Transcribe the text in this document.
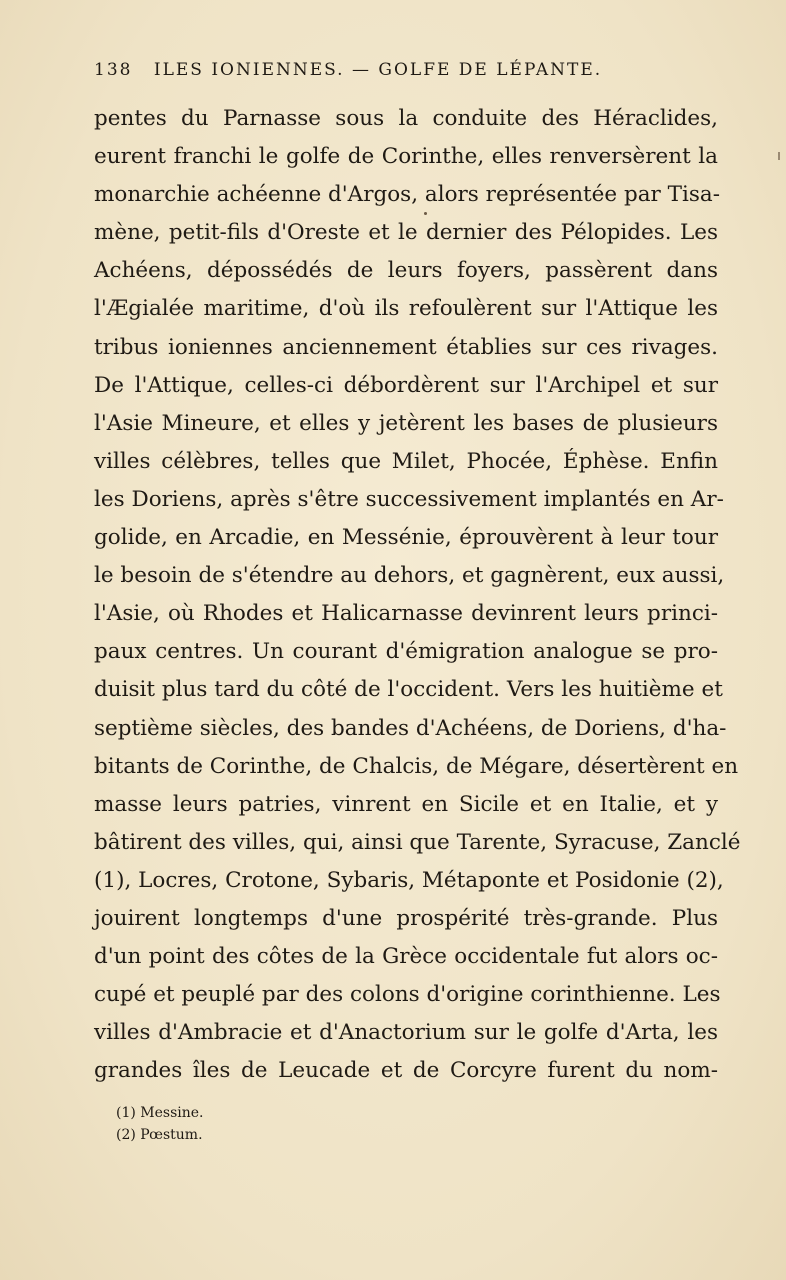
138 ILES IONIENNES. — GOLFE DE LÉPANTE.
pentes du Parnasse sous la conduite des Héraclides,
eurent franchi le golfe de Corinthe, elles renversèrent la
monarchie achéenne d'Argos, alors représentée par Tisa-
mène, petit-fils d'Oreste et le dernier des Pélopides. Les
Achéens, dépossédés de leurs foyers, passèrent dans
l'Ægialée maritime, d'où ils refoulèrent sur l'Attique les
tribus ioniennes anciennement établies sur ces rivages.
De l'Attique, celles-ci débordèrent sur l'Archipel et sur
l'Asie Mineure, et elles y jetèrent les bases de plusieurs
villes célèbres, telles que Milet, Phocée, Éphèse. Enfin
les Doriens, après s'être successivement implantés en Ar-
golide, en Arcadie, en Messénie, éprouvèrent à leur tour
le besoin de s'étendre au dehors, et gagnèrent, eux aussi,
l'Asie, où Rhodes et Halicarnasse devinrent leurs princi-
paux centres. Un courant d'émigration analogue se pro-
duisit plus tard du côté de l'occident. Vers les huitième et
septième siècles, des bandes d'Achéens, de Doriens, d'ha-
bitants de Corinthe, de Chalcis, de Mégare, désertèrent en
masse leurs patries, vinrent en Sicile et en Italie, et y
bâtirent des villes, qui, ainsi que Tarente, Syracuse, Zanclé
(1), Locres, Crotone, Sybaris, Métaponte et Posidonie (2),
jouirent longtemps d'une prospérité très-grande. Plus
d'un point des côtes de la Grèce occidentale fut alors oc-
cupé et peuplé par des colons d'origine corinthienne. Les
villes d'Ambracie et d'Anactorium sur le golfe d'Arta, les
grandes îles de Leucade et de Corcyre furent du nom-
(1) Messine.
(2) Pœstum.
